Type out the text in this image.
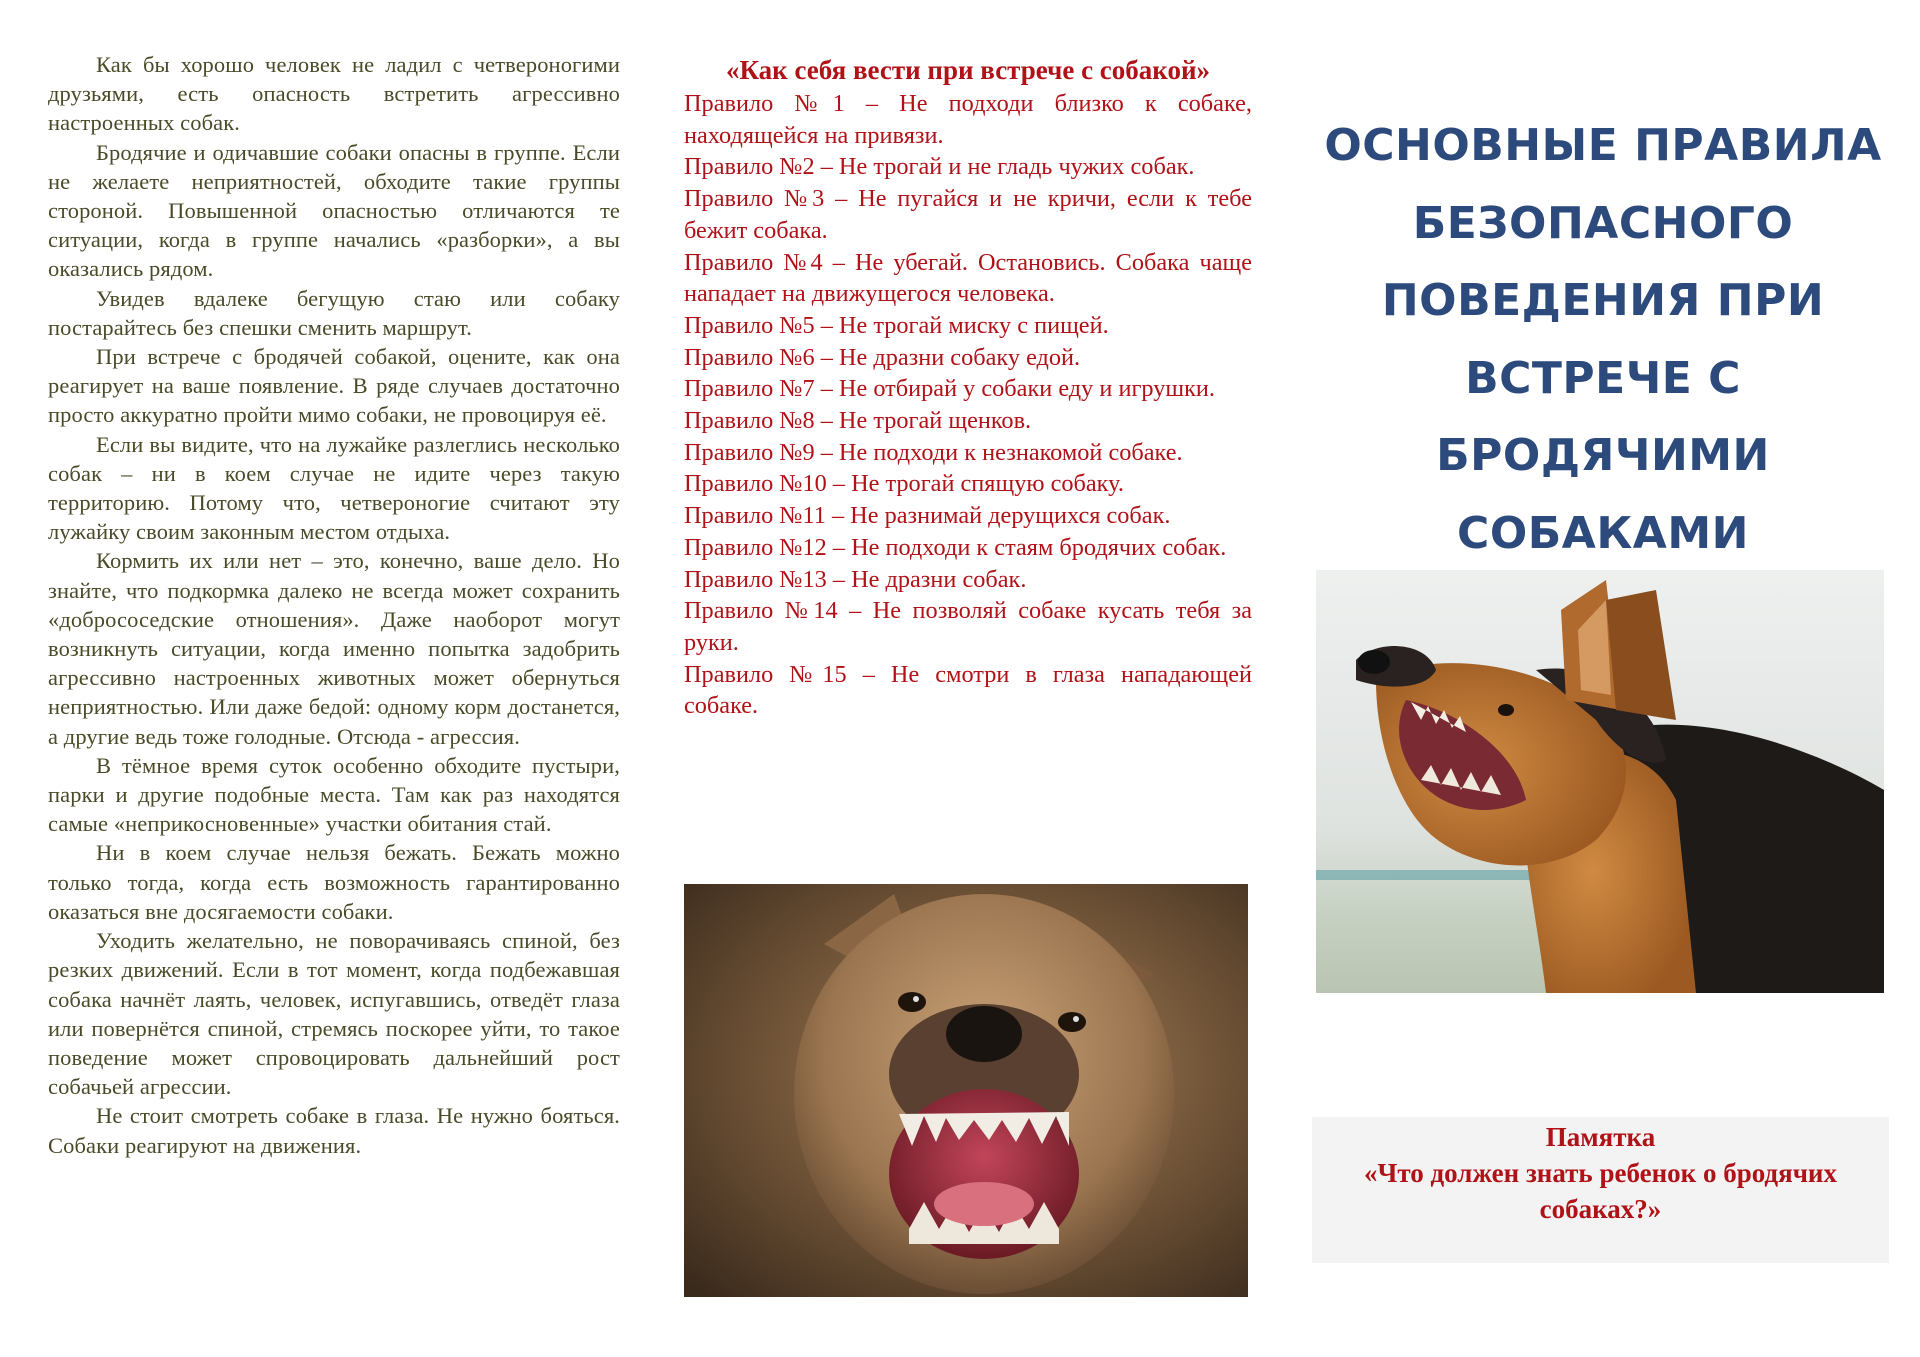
Как бы хорошо человек не ладил с четвероногими друзьями, есть опасность встретить агрессивно настроенных собак.

Бродячие и одичавшие собаки опасны в группе. Если не желаете неприятностей, обходите такие группы стороной. Повышенной опасностью отличаются те ситуации, когда в группе начались «разборки», а вы оказались рядом.

Увидев вдалеке бегущую стаю или собаку постарайтесь без спешки сменить маршрут.

При встрече с бродячей собакой, оцените, как она реагирует на ваше появление. В ряде случаев достаточно просто аккуратно пройти мимо собаки, не провоцируя её.

Если вы видите, что на лужайке разлеглись несколько собак – ни в коем случае не идите через такую территорию. Потому что, четвероногие считают эту лужайку своим законным местом отдыха.

Кормить их или нет – это, конечно, ваше дело. Но знайте, что подкормка далеко не всегда может сохранить «добрососедские отношения». Даже наоборот могут возникнуть ситуации, когда именно попытка задобрить агрессивно настроенных животных может обернуться неприятностью. Или даже бедой: одному корм достанется, а другие ведь тоже голодные. Отсюда - агрессия.

В тёмное время суток особенно обходите пустыри, парки и другие подобные места. Там как раз находятся самые «неприкосновенные» участки обитания стай.

Ни в коем случае нельзя бежать. Бежать можно только тогда, когда есть возможность гарантированно оказаться вне досягаемости собаки.

Уходить желательно, не поворачиваясь спиной, без резких движений. Если в тот момент, когда подбежавшая собака начнёт лаять, человек, испугавшись, отведёт глаза или повернётся спиной, стремясь поскорее уйти, то такое поведение может спровоцировать дальнейший рост собачьей агрессии.

Не стоит смотреть собаке в глаза. Не нужно бояться. Собаки реагируют на движения.

«Как себя вести при встрече с собакой»
Правило №1 – Не подходи близко к собаке, находящейся на привязи.
Правило №2 – Не трогай и не гладь чужих собак.
Правило №3 – Не пугайся и не кричи, если к тебе бежит собака.
Правило №4 – Не убегай. Остановись. Собака чаще нападает на движущегося человека.
Правило №5 – Не трогай миску с пищей.
Правило №6 – Не дразни собаку едой.
Правило №7 – Не отбирай у собаки еду и игрушки.
Правило №8 – Не трогай щенков.
Правило №9 – Не подходи к незнакомой собаке.
Правило №10 – Не трогай спящую собаку.
Правило №11 – Не разнимай дерущихся собак.
Правило №12 – Не подходи к стаям бродячих собак.
Правило №13 – Не дразни собак.
Правило №14 – Не позволяй собаке кусать тебя за руки.
Правило №15 – Не смотри в глаза нападающей собаке.
ОСНОВНЫЕ ПРАВИЛА
БЕЗОПАСНОГО
ПОВЕДЕНИЯ ПРИ
ВСТРЕЧЕ С
БРОДЯЧИМИ
СОБАКАМИ
Памятка
«Что должен знать ребенок о бродячих собаках?»
